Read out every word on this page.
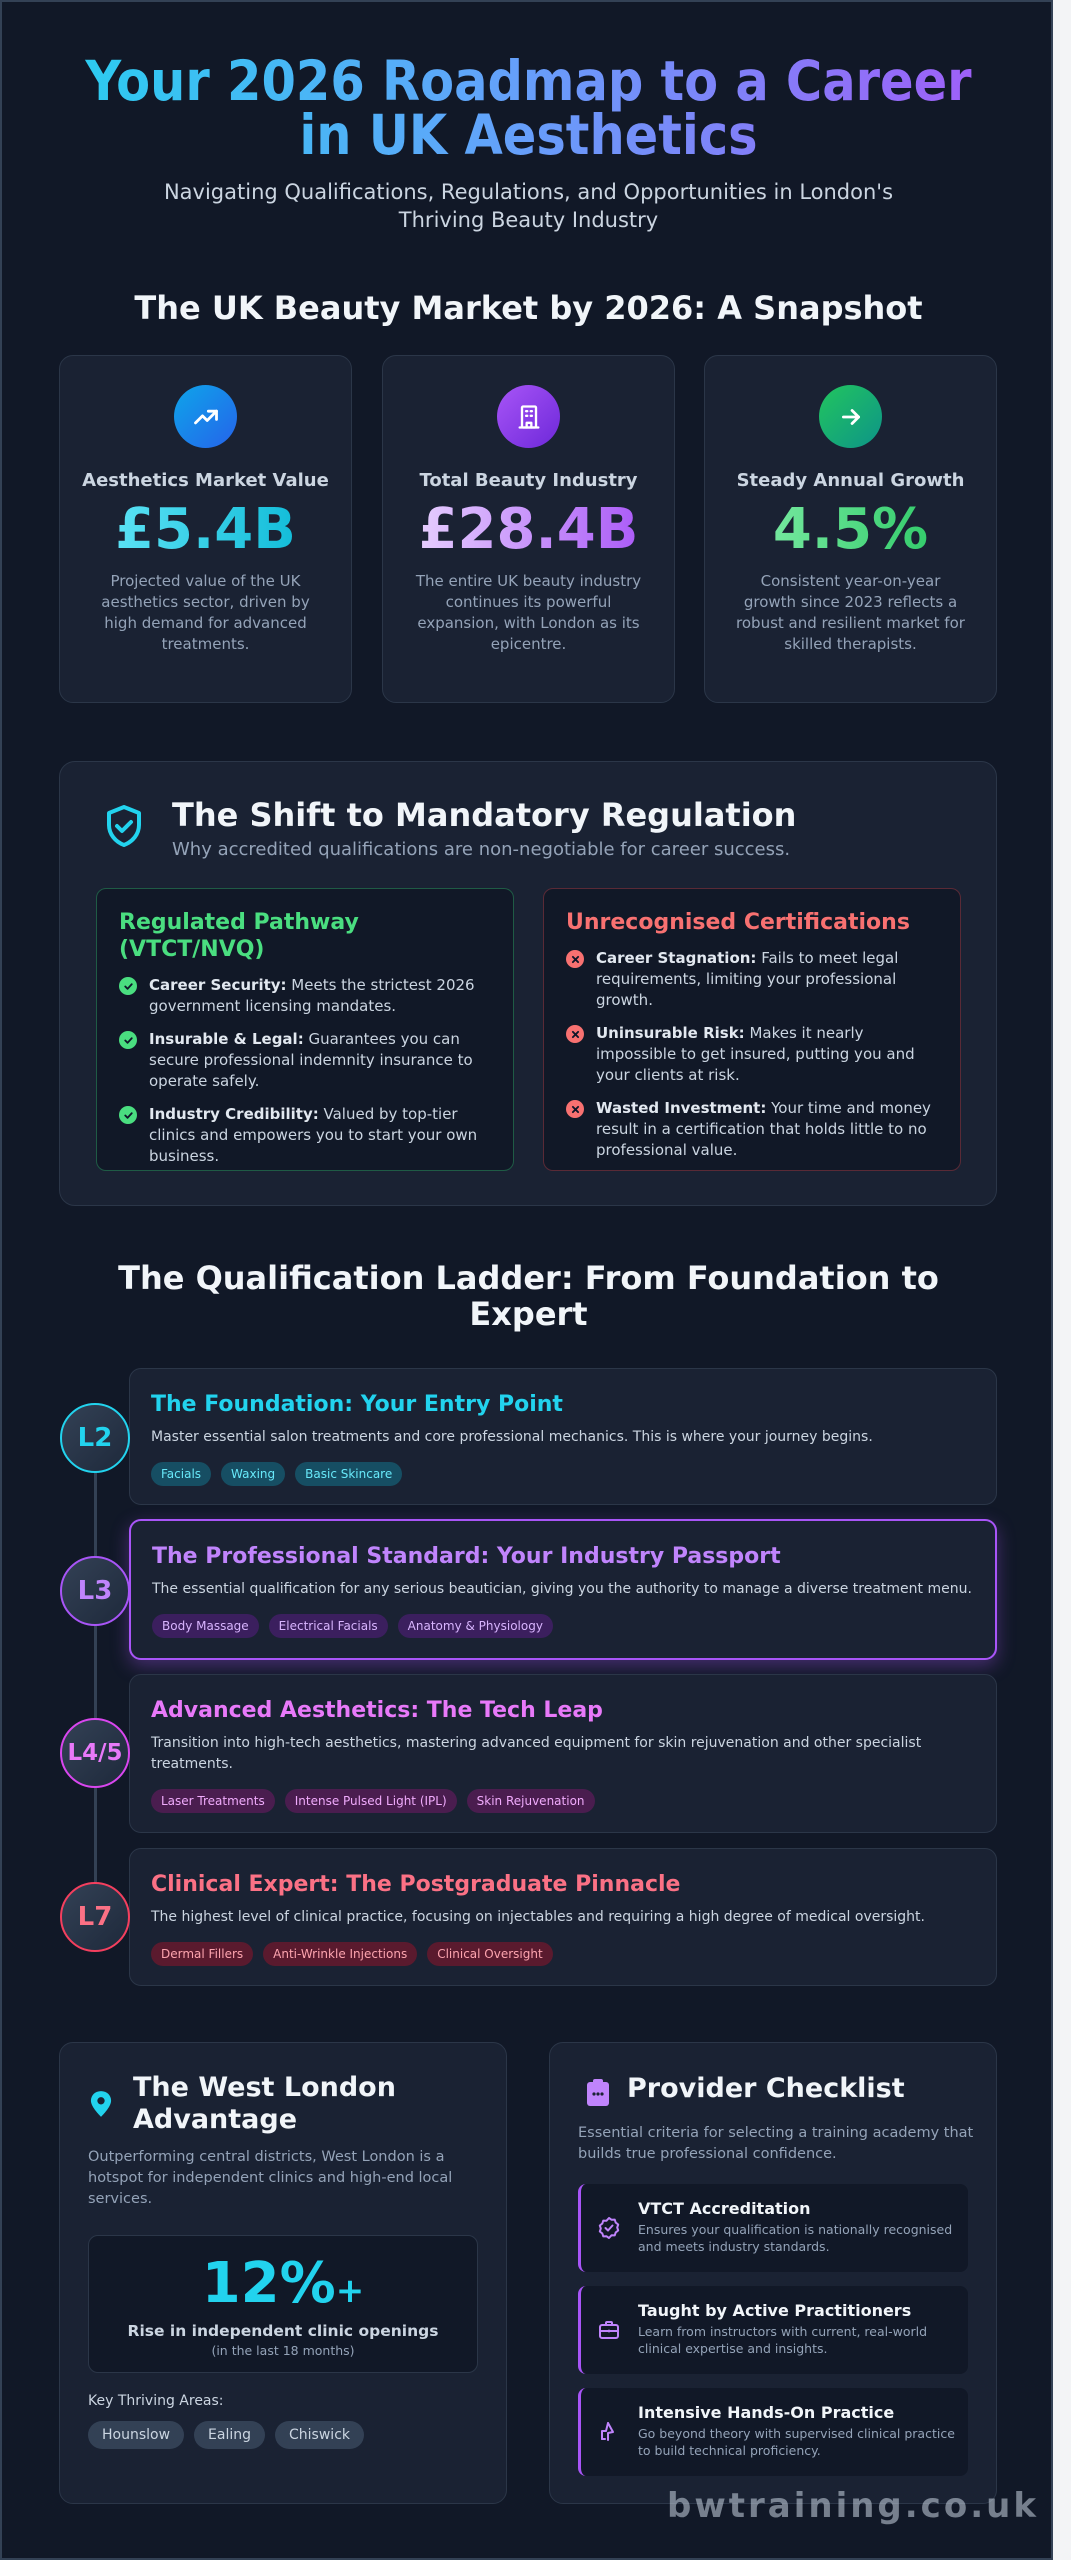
Your 2026 Roadmap to a Career in UK Aesthetics

Navigating Qualifications, Regulations, and Opportunities in London's Thriving Beauty Industry

The UK Beauty Market by 2026: A Snapshot
Aesthetics Market Value
£5.4B
Projected value of the UK aesthetics sector, driven by high demand for advanced treatments.
Total Beauty Industry
£28.4B
The entire UK beauty industry continues its powerful expansion, with London as its epicentre.
Steady Annual Growth
4.5%
Consistent year-on-year growth since 2023 reflects a robust and resilient market for skilled therapists.
The Shift to Mandatory Regulation
Why accredited qualifications are non-negotiable for career success.
Regulated Pathway (VTCT/NVQ)
Career Security: Meets the strictest 2026 government licensing mandates.
Insurable & Legal: Guarantees you can secure professional indemnity insurance to operate safely.
Industry Credibility: Valued by top-tier clinics and empowers you to start your own business.
Unrecognised Certifications
Career Stagnation: Fails to meet legal requirements, limiting your professional growth.
Uninsurable Risk: Makes it nearly impossible to get insured, putting you and your clients at risk.
Wasted Investment: Your time and money result in a certification that holds little to no professional value.
The Qualification Ladder: From Foundation to Expert
The Foundation: Your Entry Point
Master essential salon treatments and core professional mechanics. This is where your journey begins.
Facials	Waxing	Basic Skincare
L2
The Professional Standard: Your Industry Passport
The essential qualification for any serious beautician, giving you the authority to manage a diverse treatment menu.
Body Massage	Electrical Facials	Anatomy & Physiology
L3
Advanced Aesthetics: The Tech Leap
Transition into high-tech aesthetics, mastering advanced equipment for skin rejuvenation and other specialist treatments.
Laser Treatments	Intense Pulsed Light (IPL)	Skin Rejuvenation
L4/5
Clinical Expert: The Postgraduate Pinnacle
The highest level of clinical practice, focusing on injectables and requiring a high degree of medical oversight.
Dermal Fillers	Anti-Wrinkle Injections	Clinical Oversight
L7
The West London Advantage
Outperforming central districts, West London is a hotspot for independent clinics and high-end local services.
12%+
Rise in independent clinic openings
(in the last 18 months)
Key Thriving Areas:
Hounslow	Ealing	Chiswick
Provider Checklist
Essential criteria for selecting a training academy that builds true professional confidence.
VTCT Accreditation
Ensures your qualification is nationally recognised and meets industry standards.
Taught by Active Practitioners
Learn from instructors with current, real-world clinical expertise and insights.
Intensive Hands-On Practice
Go beyond theory with supervised clinical practice to build technical proficiency.
bwtraining.co.uk
